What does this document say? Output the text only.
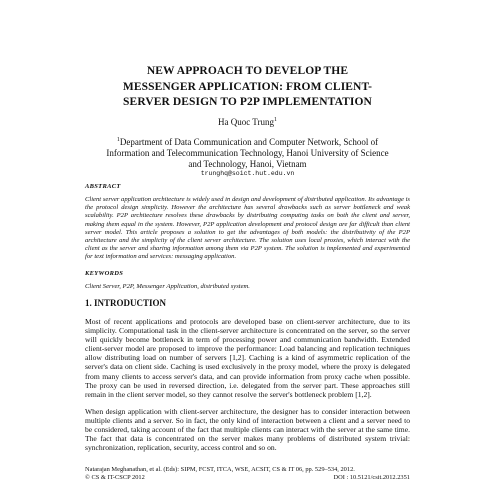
NEW APPROACH TO DEVELOP THE
MESSENGER APPLICATION: FROM CLIENT-
SERVER DESIGN TO P2P IMPLEMENTATION
Ha Quoc Trung$^1$
$^1$Department of Data Communication and Computer Network, School of
Information and Telecommunication Technology, Hanoi University of Science
and Technology, Hanoi, Vietnam
trunghq@soict.hut.edu.vn
ABSTRACT
Client server application architecture is widely used in design and development of distributed application. Its advantage is the protocol design simplicity. However the architecture has several drawbacks such as server bottleneck and weak scalability. P2P architecture resolves these drawbacks by distributing computing tasks on both the client and server, making them equal in the system. However, P2P application development and protocol design are far difficult than client server model. This article proposes a solution to get the advantages of both models: the distributivity of the P2P architecture and the simplicity of the client server architecture. The solution uses local proxies, which interact with the client as the server and sharing information among them via P2P system. The solution is implemented and experimented for text information and services: messaging application.
KEYWORDS
Client Server, P2P, Messenger Application, distributed system.
1. INTRODUCTION
Most of recent applications and protocols are developed base on client-server architecture, due to its simplicity. Computational task in the client-server architecture is concentrated on the server, so the server will quickly become bottleneck in term of processing power and communication bandwidth. Extended client-server model are proposed to improve the performance: Load balancing and replication techniques allow distributing load on number of servers [1,2]. Caching is a kind of asymmetric replication of the server's data on client side. Caching is used exclusively in the proxy model, where the proxy is delegated from many clients to access server's data, and can provide information from proxy cache when possible. The proxy can be used in reversed direction, i.e. delegated from the server part. These approaches still remain in the client server model, so they cannot resolve the server's bottleneck problem [1,2].
When design application with client-server architecture, the designer has to consider interaction between multiple clients and a server. So in fact, the only kind of interaction between a client and a server need to be considered, taking account of the fact that multiple clients can interact with the server at the same time. The fact that data is concentrated on the server makes many problems of distributed system trivial: synchronization, replication, security, access control and so on.
Natarajan Meghanathan, et al. (Eds): SIPM, FCST, ITCA, WSE, ACSIT, CS & IT 06, pp. 529–534, 2012.
© CS & IT-CSCP 2012	DOI : 10.5121/csit.2012.2351
